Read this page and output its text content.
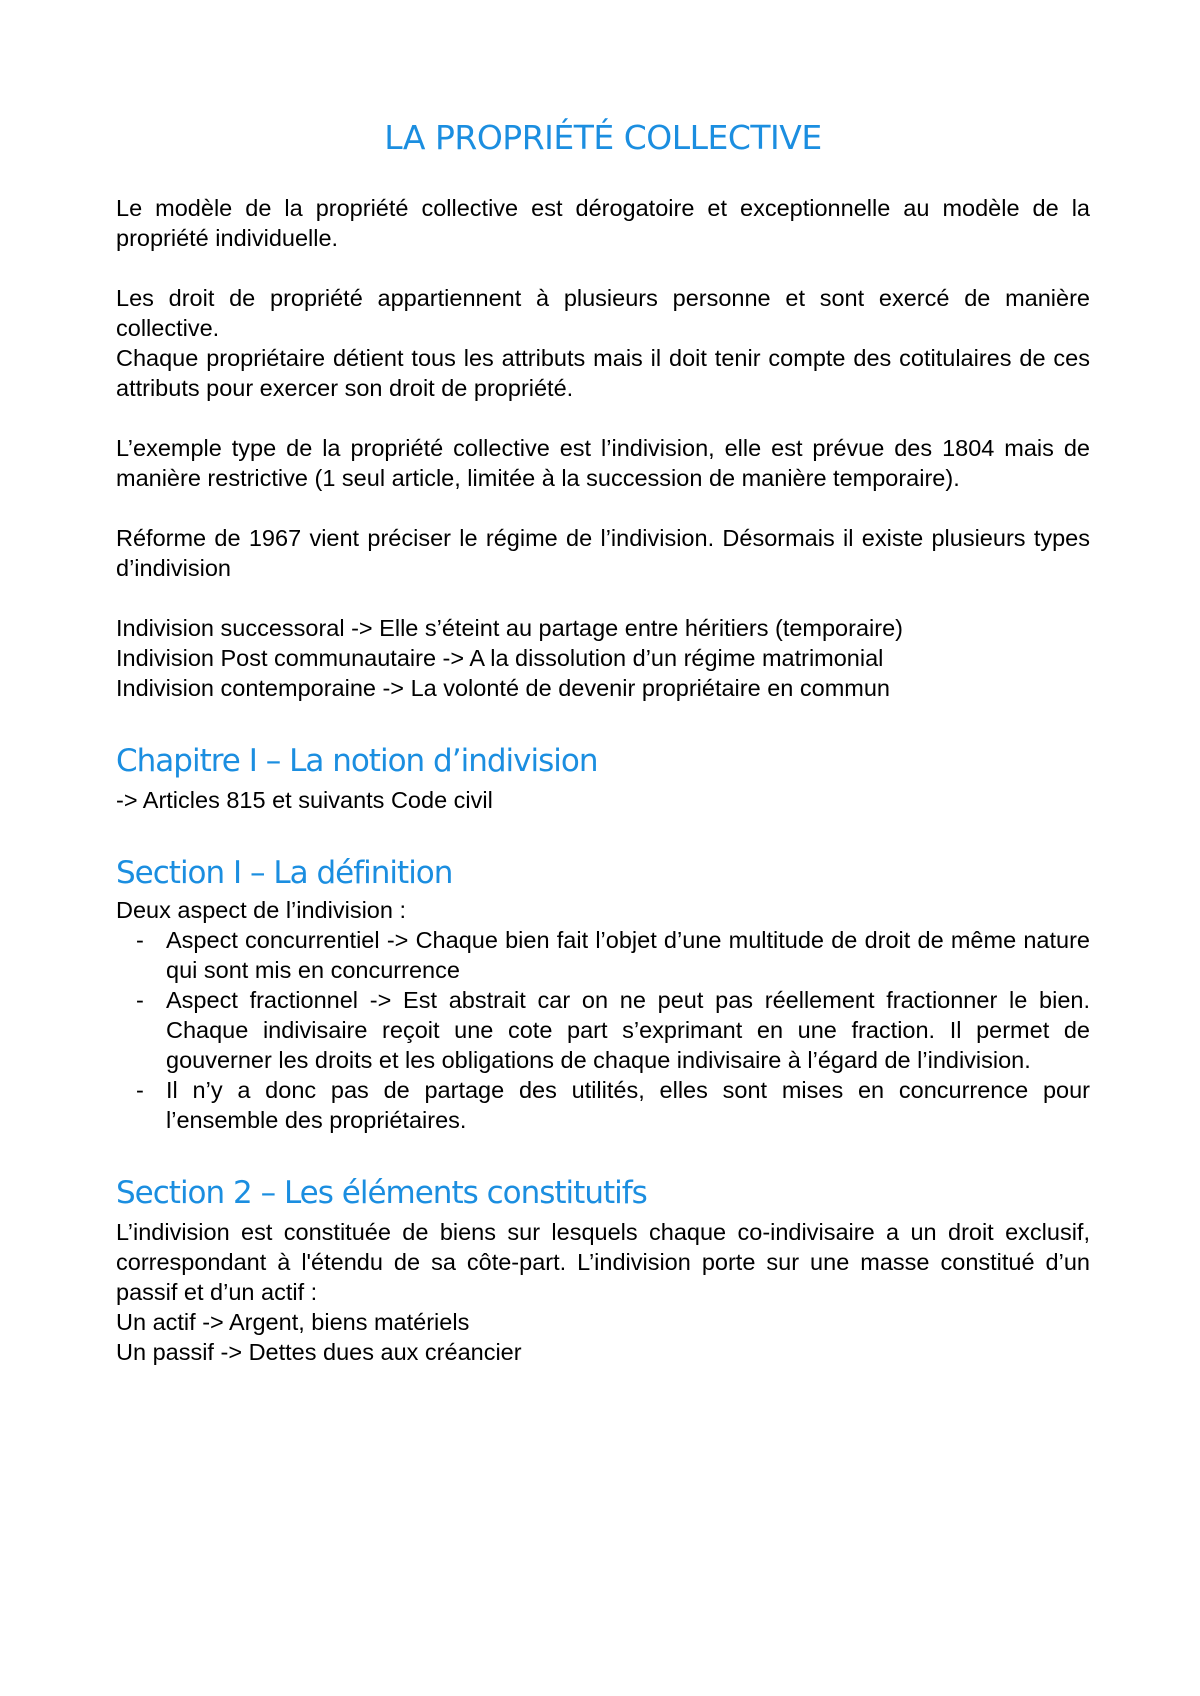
LA PROPRIÉTÉ COLLECTIVE

Le modèle de la propriété collective est dérogatoire et exceptionnelle au modèle de la propriété individuelle.

Les droit de propriété appartiennent à plusieurs personne et sont exercé de manière collective.

Chaque propriétaire détient tous les attributs mais il doit tenir compte des cotitulaires de ces attributs pour exercer son droit de propriété.

L’exemple type de la propriété collective est l’indivision, elle est prévue des 1804 mais de manière restrictive (1 seul article, limitée à la succession de manière temporaire).

Réforme de 1967 vient préciser le régime de l’indivision. Désormais il existe plusieurs types d’indivision

Indivision successoral -> Elle s’éteint au partage entre héritiers (temporaire)

Indivision Post communautaire -> A la dissolution d’un régime matrimonial

Indivision contemporaine -> La volonté de devenir propriétaire en commun

Chapitre I – La notion d’indivision

-> Articles 815 et suivants Code civil

Section I – La définition

Deux aspect de l’indivision :

- Aspect concurrentiel -> Chaque bien fait l’objet d’une multitude de droit de même nature qui sont mis en concurrence
- Aspect fractionnel -> Est abstrait car on ne peut pas réellement fractionner le bien. Chaque indivisaire reçoit une cote part s’exprimant en une fraction. Il permet de gouverner les droits et les obligations de chaque indivisaire à l’égard de l’indivision.
- Il n’y a donc pas de partage des utilités, elles sont mises en concurrence pour l’ensemble des propriétaires.
Section 2 – Les éléments constitutifs

L’indivision est constituée de biens sur lesquels chaque co-indivisaire a un droit exclusif, correspondant à l'étendu de sa côte-part. L’indivision porte sur une masse constitué d’un passif et d’un actif :

Un actif -> Argent, biens matériels

Un passif -> Dettes dues aux créancier
